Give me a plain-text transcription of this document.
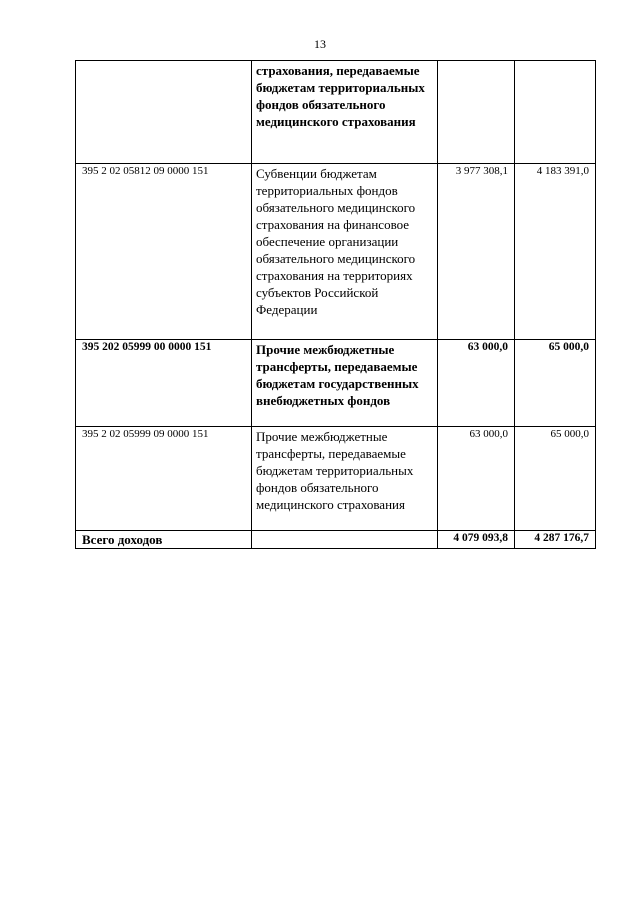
13
	страхования, передаваемые бюджетам территориальных фондов обязательного медицинского страхования		
395 2 02 05812 09 0000 151	Субвенции бюджетам территориальных фондов обязательного медицинского страхования на финансовое обеспечение организации обязательного медицинского страхования на территориях субъектов Российской Федерации	3 977 308,1	4 183 391,0
395 202 05999 00 0000 151	Прочие межбюджетные трансферты, передаваемые бюджетам государственных внебюджетных фондов	63 000,0	65 000,0
395 2 02 05999 09 0000 151	Прочие межбюджетные трансферты, передаваемые бюджетам территориальных фондов обязательного медицинского страхования	63 000,0	65 000,0
Всего доходов		4 079 093,8	4 287 176,7
